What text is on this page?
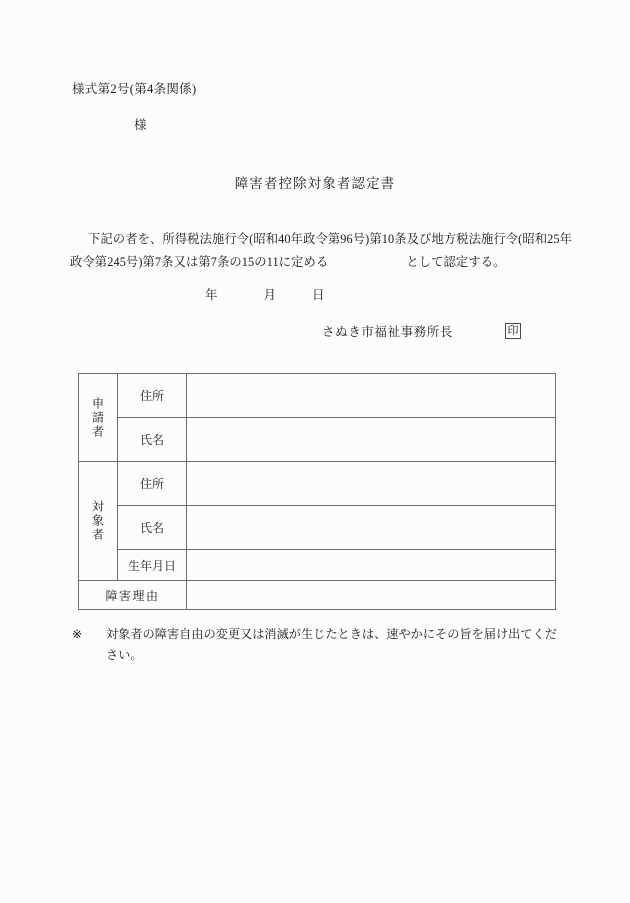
様式第2号(第4条関係)
様
障害者控除対象者認定書
下記の者を、所得税法施行令(昭和40年政令第96号)第10条及び地方税法施行令(昭和25年
政令第245号)第7条又は第7条の15の11に定める	として認定する。
年	月	日
さぬき市福祉事務所長	印
申請者	住所	
	氏名	
対象者	住所	
	氏名	
	生年月日	
障害理由		
※	対象者の障害自由の変更又は消滅が生じたときは、速やかにその旨を届け出てください。
